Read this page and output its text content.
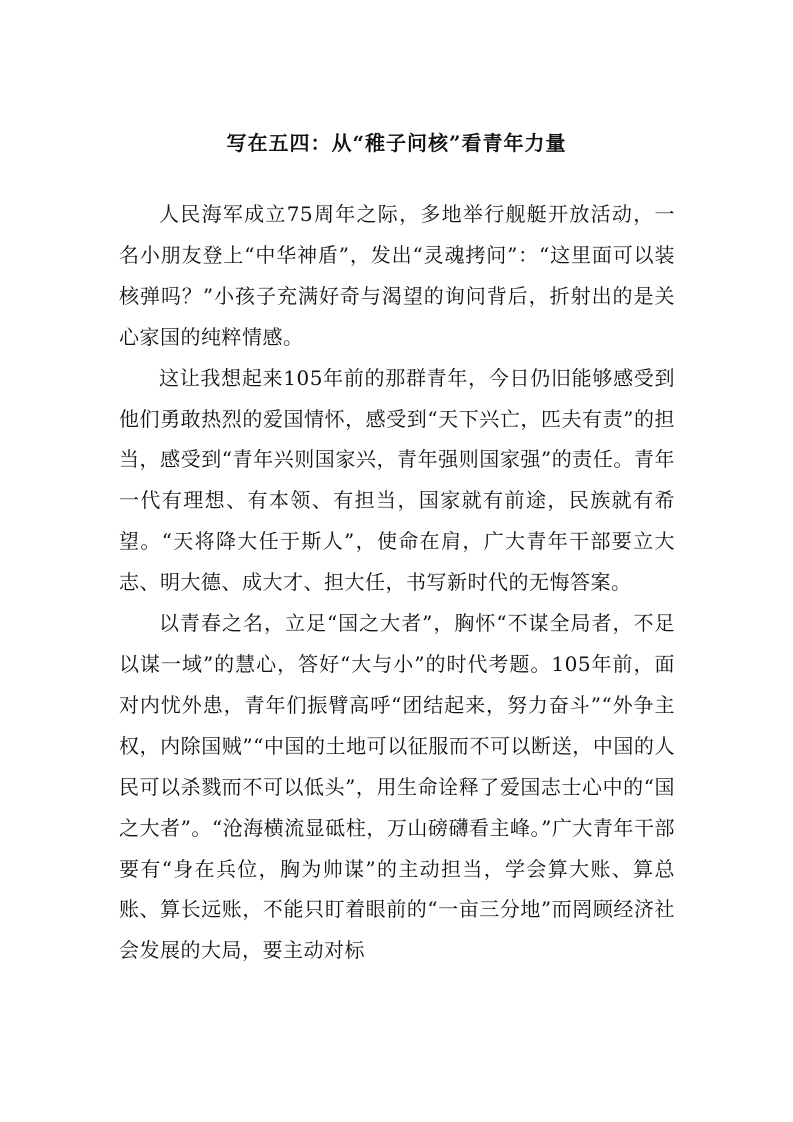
写在五四：从“稚子问核”看青年力量

人民海军成立75周年之际，多地举行舰艇开放活动，一名小朋友登上“中华神盾”，发出“灵魂拷问”：“这里面可以装核弹吗？”小孩子充满好奇与渴望的询问背后，折射出的是关心家国的纯粹情感。

这让我想起来105年前的那群青年，今日仍旧能够感受到他们勇敢热烈的爱国情怀，感受到“天下兴亡，匹夫有责”的担当，感受到“青年兴则国家兴，青年强则国家强”的责任。青年一代有理想、有本领、有担当，国家就有前途，民族就有希望。“天将降大任于斯人”，使命在肩，广大青年干部要立大志、明大德、成大才、担大任，书写新时代的无悔答案。

以青春之名，立足“国之大者”，胸怀“不谋全局者，不足以谋一域”的慧心，答好“大与小”的时代考题。105年前，面对内忧外患，青年们振臂高呼“团结起来，努力奋斗”“外争主权，内除国贼”“中国的土地可以征服而不可以断送，中国的人民可以杀戮而不可以低头”，用生命诠释了爱国志士心中的“国之大者”。“沧海横流显砥柱，万山磅礴看主峰。”广大青年干部要有“身在兵位，胸为帅谋”的主动担当，学会算大账、算总账、算长远账，不能只盯着眼前的“一亩三分地”而罔顾经济社会发展的大局，要主动对标
